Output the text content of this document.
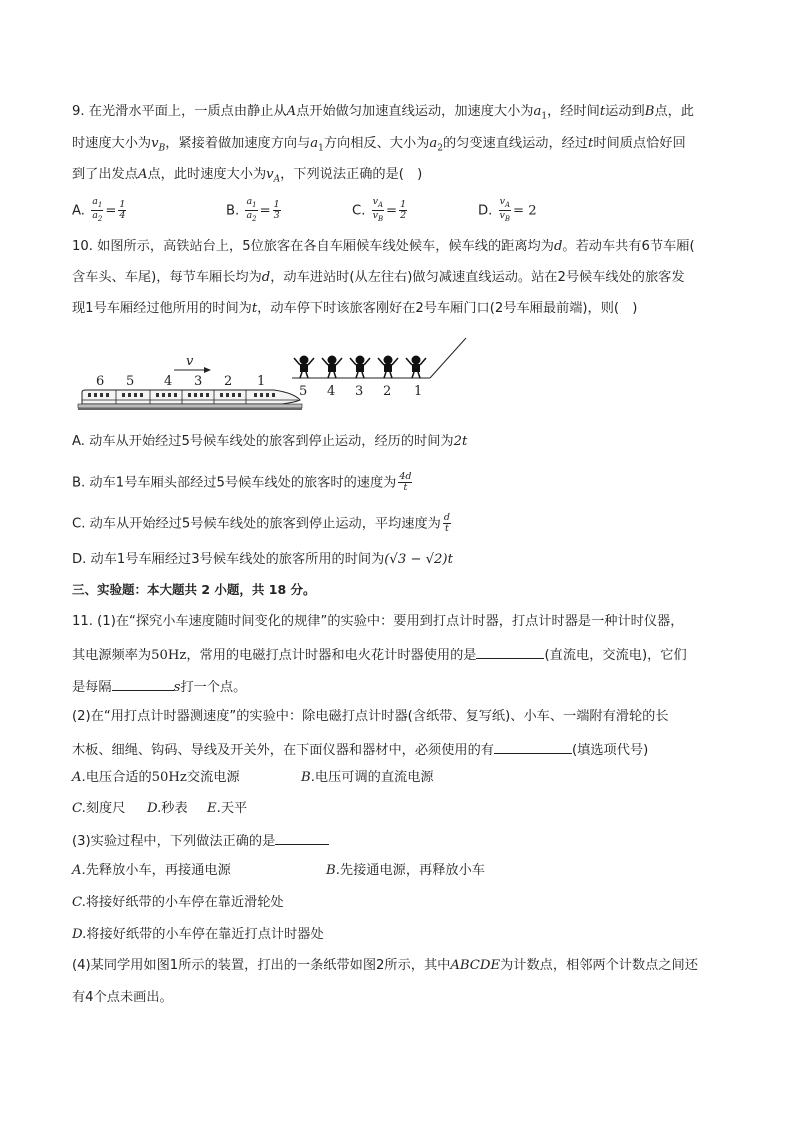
9. 在光滑水平面上，一质点由静止从A点开始做匀加速直线运动，加速度大小为$a_1$，经时间t运动到B点，此
时速度大小为$v_B$，紧接着做加速度方向与$a_1$方向相反、大小为$a_2$的匀变速直线运动，经过t时间质点恰好回
到了出发点A点，此时速度大小为$v_A$，下列说法正确的是(　)
A. $\frac{a_1}{a_2} = \frac{1}{4}$	B. $\frac{a_1}{a_2} = \frac{1}{3}$	C. $\frac{v_A}{v_B} = \frac{1}{2}$	D. $\frac{v_A}{v_B} = 2$
10. 如图所示，高铁站台上，5位旅客在各自车厢候车线处候车，候车线的距离均为d。若动车共有6节车厢(
含车头、车尾)，每节车厢长均为d，动车进站时(从左往右)做匀减速直线运动。站在2号候车线处的旅客发
现1号车厢经过他所用的时间为t，动车停下时该旅客刚好在2号车厢门口(2号车厢最前端)，则(　)
v
6 5 4 3 2 1
5 4 3 2 1
A. 动车从开始经过5号候车线处的旅客到停止运动，经历的时间为2t
B. 动车1号车厢头部经过5号候车线处的旅客时的速度为 $\frac{4d}{t}$
C. 动车从开始经过5号候车线处的旅客到停止运动，平均速度为 $\frac{d}{t}$
D. 动车1号车厢经过3号候车线处的旅客所用的时间为(√3 − √2)t
三、实验题：本大题共 2 小题，共 18 分。
11. (1)在“探究小车速度随时间变化的规律”的实验中：要用到打点计时器，打点计时器是一种计时仪器，
其电源频率为50Hz，常用的电磁打点计时器和电火花计时器使用的是	(直流电，交流电)，它们
是每隔	s打一个点。
(2)在“用打点计时器测速度”的实验中：除电磁打点计时器(含纸带、复写纸)、小车、一端附有滑轮的长
木板、细绳、钩码、导线及开关外，在下面仪器和器材中，必须使用的有	(填选项代号)
A.电压合适的50Hz交流电源	B.电压可调的直流电源
C.刻度尺 D.秒表 E.天平
(3)实验过程中，下列做法正确的是
A.先释放小车，再接通电源	B.先接通电源，再释放小车
C.将接好纸带的小车停在靠近滑轮处
D.将接好纸带的小车停在靠近打点计时器处
(4)某同学用如图1所示的装置，打出的一条纸带如图2所示，其中ABCDE为计数点，相邻两个计数点之间还
有4个点未画出。
